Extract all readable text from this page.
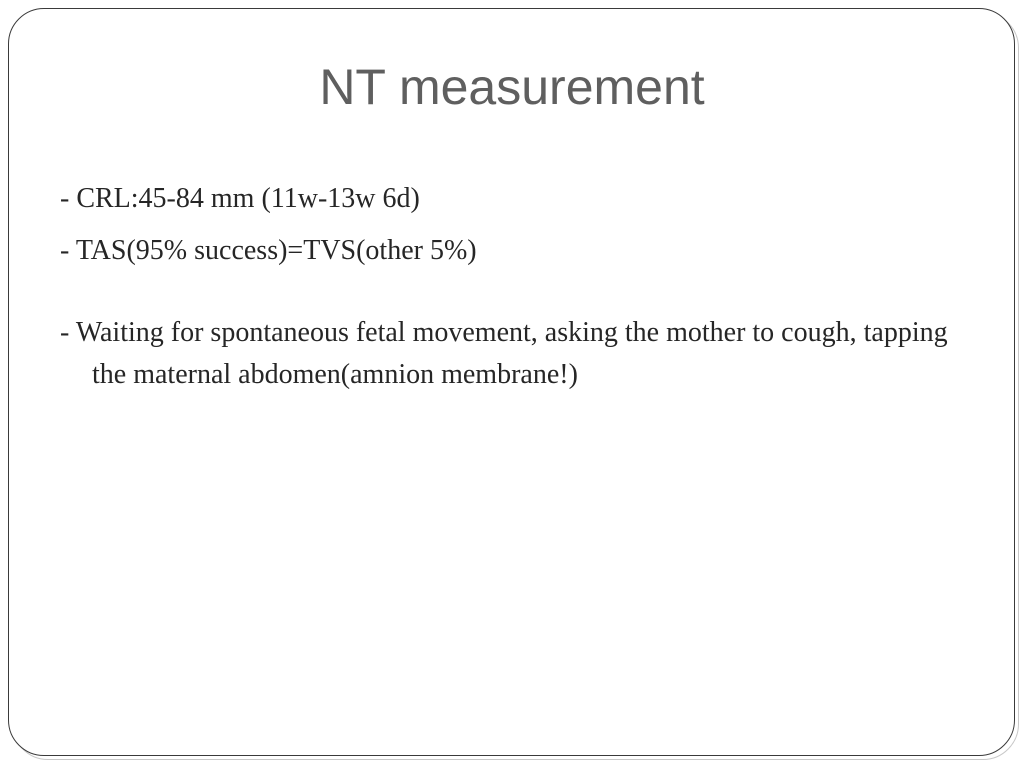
NT measurement
- CRL:45-84 mm (11w-13w 6d)
- TAS(95% success)=TVS(other 5%)
- Waiting for spontaneous fetal movement, asking the mother to cough, tapping the maternal abdomen(amnion membrane!)
